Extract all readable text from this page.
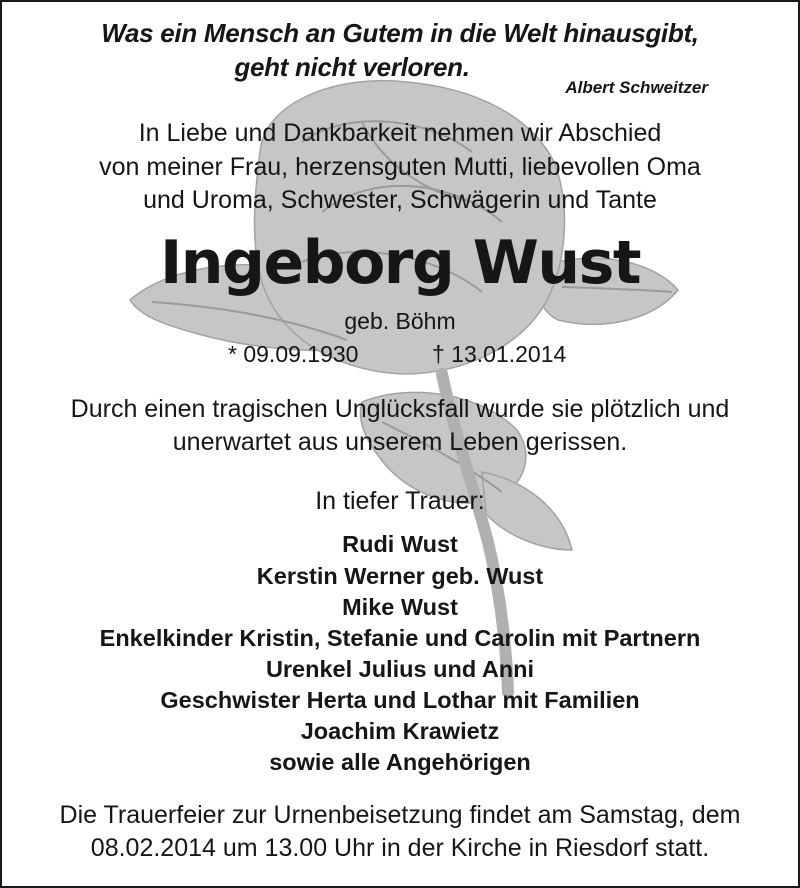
Was ein Mensch an Gutem in die Welt hinausgibt,
geht nicht verloren.
Albert Schweitzer
In Liebe und Dankbarkeit nehmen wir Abschied
von meiner Frau, herzensguten Mutti, liebevollen Oma
und Uroma, Schwester, Schwägerin und Tante
Ingeborg Wust
geb. Böhm
* 09.09.1930	† 13.01.2014
Durch einen tragischen Unglücksfall wurde sie plötzlich und
unerwartet aus unserem Leben gerissen.
In tiefer Trauer:
Rudi Wust
Kerstin Werner geb. Wust
Mike Wust
Enkelkinder Kristin, Stefanie und Carolin mit Partnern
Urenkel Julius und Anni
Geschwister Herta und Lothar mit Familien
Joachim Krawietz
sowie alle Angehörigen
Die Trauerfeier zur Urnenbeisetzung findet am Samstag, dem
08.02.2014 um 13.00 Uhr in der Kirche in Riesdorf statt.
